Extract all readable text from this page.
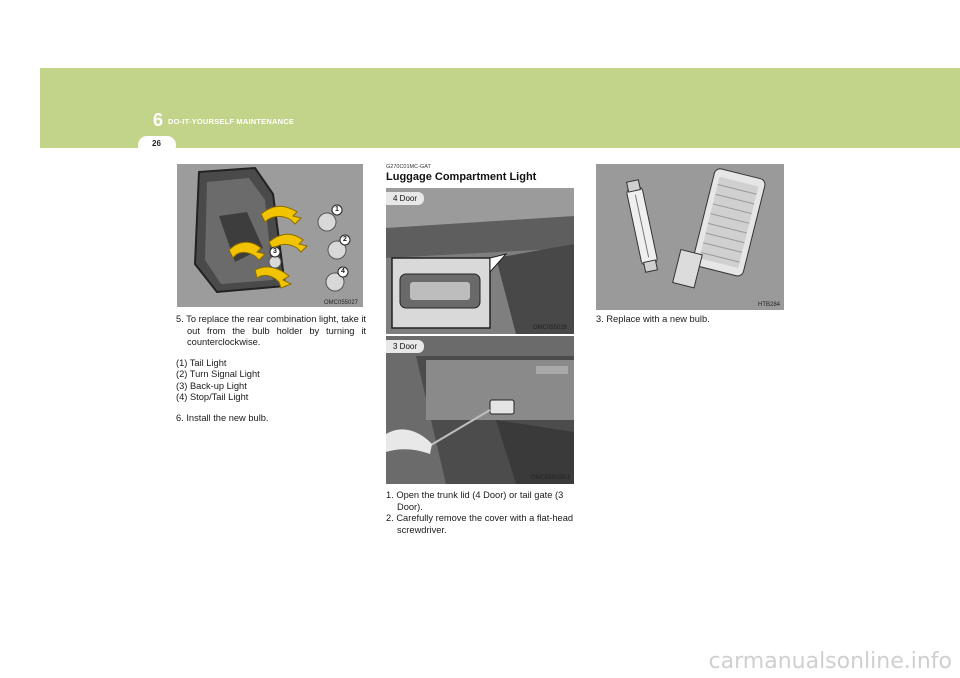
6 DO-IT-YOURSELF MAINTENANCE
26
1
2
3
4
OMC055027

5. To replace the rear combination light, take it out from the bulb holder by turning it counterclockwise.

(1) Tail Light

(2) Turn Signal Light

(3) Back-up Light

(4) Stop/Tail Light

6. Install the new bulb.

G270C01MC-GAT
Luggage Compartment Light
4 Door
OMC055028
3 Door
OMC055028-1

1. Open the trunk lid (4 Door) or tail gate (3 Door).

2. Carefully remove the cover with a flat-head screwdriver.

HTB284

3. Replace with a new bulb.

carmanualsonline.info
